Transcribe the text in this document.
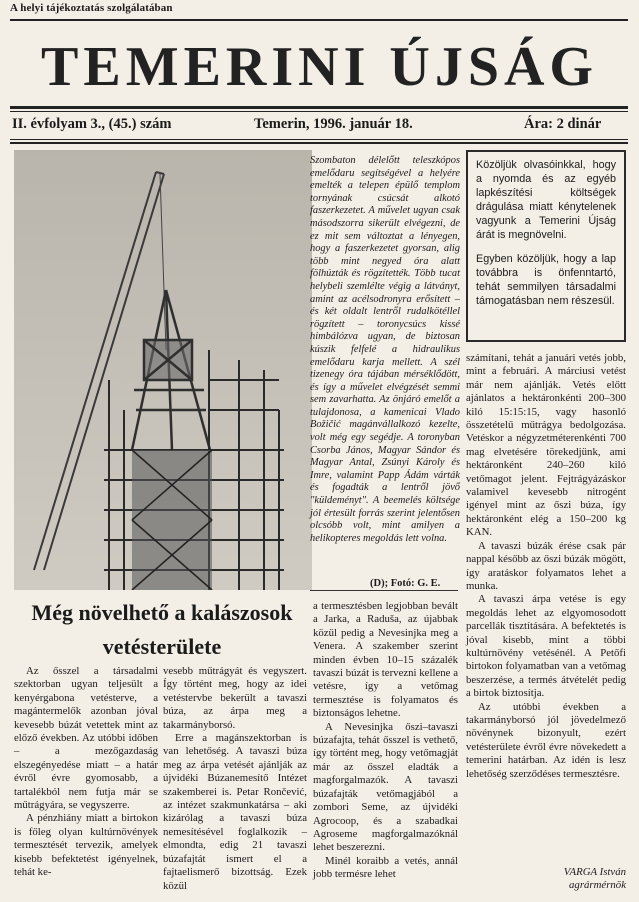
A helyi tájékoztatás szolgálatában
TEMERINI ÚJSÁG
II. évfolyam 3., (45.) szám	Temerin, 1996. január 18.	Ára: 2 dinár
Szombaton délelőtt teleszkópos emelődaru segítségével a helyére emelték a telepen épülő templom tornyának csúcsát alkotó faszerkezetet. A művelet ugyan csak másodszorra sikerült elvégezni, de ez mit sem változtat a lényegen, hogy a faszerkezetet gyorsan, alig több mint negyed óra alatt fölhúzták és rögzítették. Több tucat helybeli szemlélte végig a látványt, amint az acélsodronyra erősített – és két oldalt lentről rudalkötéllel rögzített – toronycsúcs kissé himbálózva ugyan, de biztosan kúszik felfelé a hidraulikus emelődaru karja mellett. A szél tizenegy óra tájában mérséklődött, és így a művelet elvégzését semmi sem zavarhatta. Az önjáró emelőt a tulajdonosa, a kamenicai Vlado Božičić magánvállalkozó kezelte, volt még egy segédje. A toronyban Csorba János, Magyar Sándor és Magyar Antal, Zsúnyi Károly és Imre, valamint Papp Ádám várták és fogadták a lentről jövő "küldeményt". A beemelés költsége jól értesült forrás szerint jelentősen olcsóbb volt, mint amilyen a helikopteres megoldás lett volna.
(D); Fotó: G. E.

Közöljük olvasóinkkal, hogy a nyomda és az egyéb lapkészítési költségek drágulása miatt kénytelenek vagyunk a Temerini Újság árát is megnövelni.

Egyben közöljük, hogy a lap továbbra is önfenntartó, tehát semmilyen társadalmi támogatásban nem részesül.

Még növelhető a kalászosok vetésterülete

Az ősszel a társadalmi szektorban ugyan teljesült a kenyérgabona vetésterve, a magántermelők azonban jóval kevesebb búzát vetettek mint az előző években. Az utóbbi időben – a mezőgazdaság elszegényedése miatt – a határ évről évre gyomosabb, a tartalékból nem futja már se műtrágyára, se vegyszerre.

A pénzhiány miatt a birtokon is főleg olyan kultúrnövények termesztését tervezik, amelyek kisebb befektetést igényelnek, tehát ke-

vesebb műtrágyát és vegyszert. Így történt meg, hogy az idei vetéstervbe bekerült a tavaszi búza, az árpa meg a takarmányborsó.

Erre a magánszektorban is van lehetőség. A tavaszi búza meg az árpa vetését ajánlják az újvidéki Búzanemesítő Intézet szakemberei is. Petar Rončević, az intézet szakmunkatársa – aki kizárólag a tavaszi búza nemesítésével foglalkozik – elmondta, edig 21 tavaszi búzafajtát ismert el a fajtaelismerő bizottság. Ezek közül

a termesztésben legjobban bevált a Jarka, a Raduša, az újabbak közül pedig a Nevesinjka meg a Venera. A szakember szerint minden évben 10–15 százalék tavaszi búzát is tervezni kellene a vetésre, így a vetőmag termesztése is folyamatos és biztonságos lehetne.

A Nevesinjka őszi–tavaszi búzafajta, tehát ősszel is vethető, így történt meg, hogy vetőmagját már az ősszel eladták a magforgalmazók. A tavaszi búzafajták vetőmagjából a zombori Seme, az újvidéki Agrocoop, és a szabadkai Agroseme magforgalmazóknál lehet beszerezni.

Minél koraibb a vetés, annál jobb termésre lehet

számítani, tehát a januári vetés jobb, mint a februári. A márciusi vetést már nem ajánlják. Vetés előtt ajánlatos a hektáronkénti 200–300 kiló 15:15:15, vagy hasonló összetételű műtrágya bedolgozása. Vetéskor a négyzetméterenkénti 700 mag elvetésére törekedjünk, ami hektáronként 240–260 kiló vetőmagot jelent. Fejtrágyázáskor valamivel kevesebb nitrogént igényel mint az őszi búza, így hektáronként elég a 150–200 kg KAN.

A tavaszi búzák érése csak pár nappal később az őszi búzák mögött, így aratáskor folyamatos lehet a munka.

A tavaszi árpa vetése is egy megoldás lehet az elgyomosodott parcellák tisztítására. A befektetés is jóval kisebb, mint a többi kultúrnövény vetésénél. A Petőfi birtokon folyamatban van a vetőmag beszerzése, a termés átvételét pedig a birtok biztosítja.

Az utóbbi években a takarmányborsó jól jövedelmező növénynek bizonyult, ezért vetésterülete évről évre növekedett a temerini határban. Az idén is lesz lehetőség szerződéses termesztésre.

VARGA István
agrármérnök
